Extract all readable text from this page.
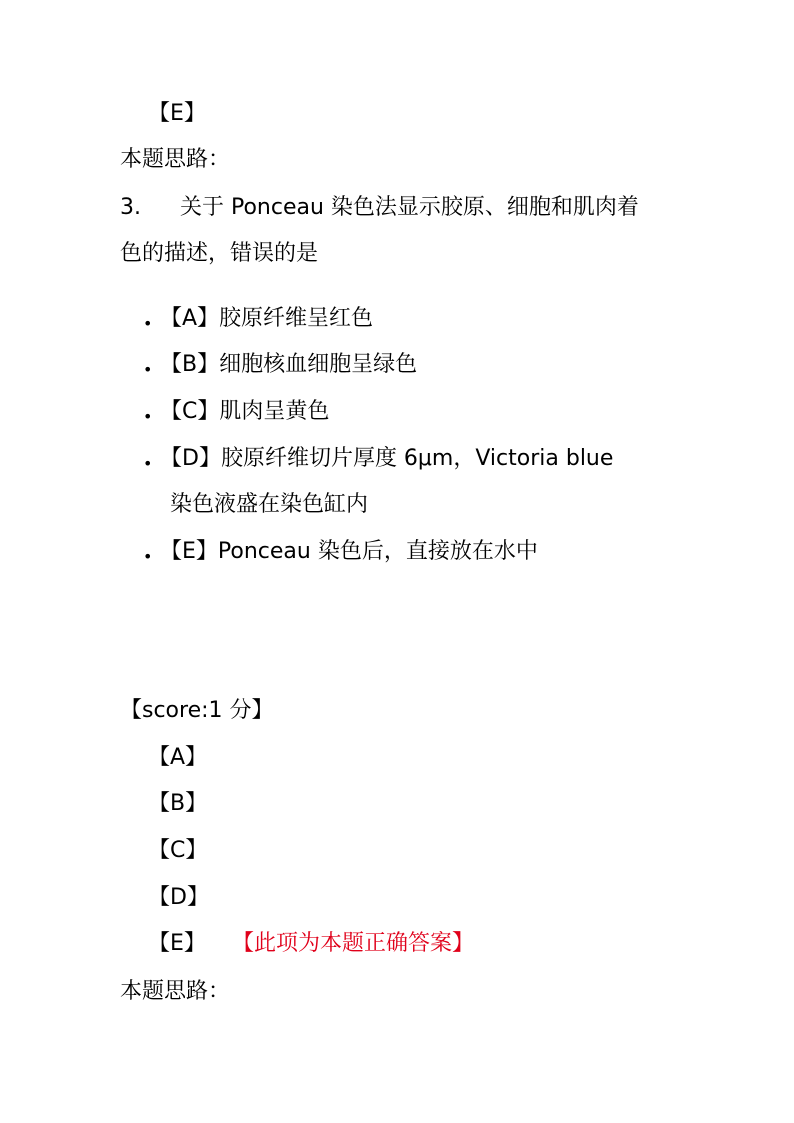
【E】
本题思路：
3. 关于 Ponceau 染色法显示胶原、细胞和肌肉着
色的描述，错误的是
• 【A】胶原纤维呈红色
• 【B】细胞核血细胞呈绿色
• 【C】肌肉呈黄色
• 【D】胶原纤维切片厚度 6μm，Victoria blue
染色液盛在染色缸内
• 【E】Ponceau 染色后，直接放在水中
【score:1 分】
【A】
【B】
【C】
【D】
【E】 【此项为本题正确答案】
本题思路：
